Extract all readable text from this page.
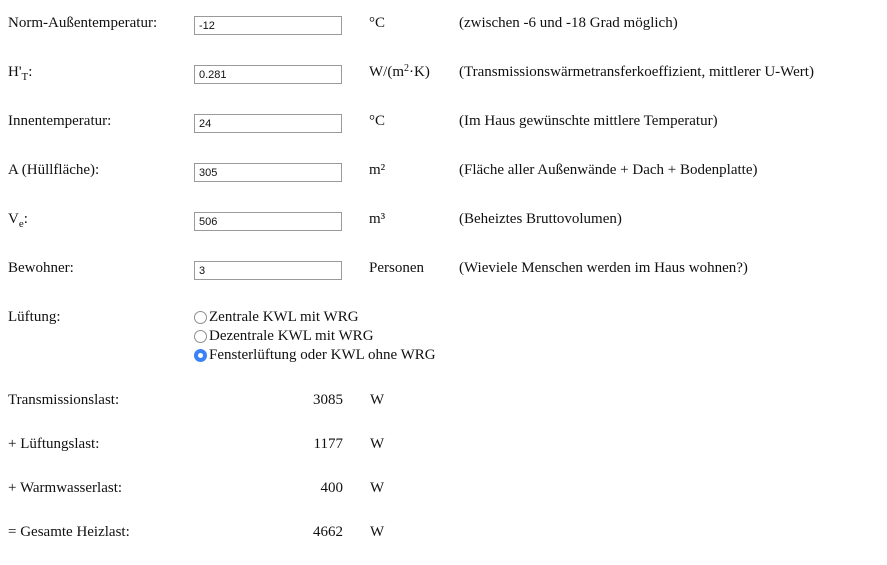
Norm-Außentemperatur:
-12	°C	(zwischen -6 und -18 Grad möglich)
$H'_T$:
0.281	$W/(m^2\cdot K)$ (Transmissionswärmetransferkoeffizient, mittlerer U-Wert)
Innentemperatur:
24	°C	(Im Haus gewünschte mittlere Temperatur)
A (Hüllfläche):
305	m²	(Fläche aller Außenwände + Dach + Bodenplatte)
$V_e$:
506	m³	(Beheiztes Bruttovolumen)
Bewohner:
3	Personen (Wieviele Menschen werden im Haus wohnen?)
Lüftung:	Zentrale KWL mit WRG
Dezentrale KWL mit WRG
Fensterlüftung oder KWL ohne WRG
Transmissionslast:	3085 W
+ Lüftungslast:	1177 W
+ Warmwasserlast:	400 W
= Gesamte Heizlast:	4662 W
